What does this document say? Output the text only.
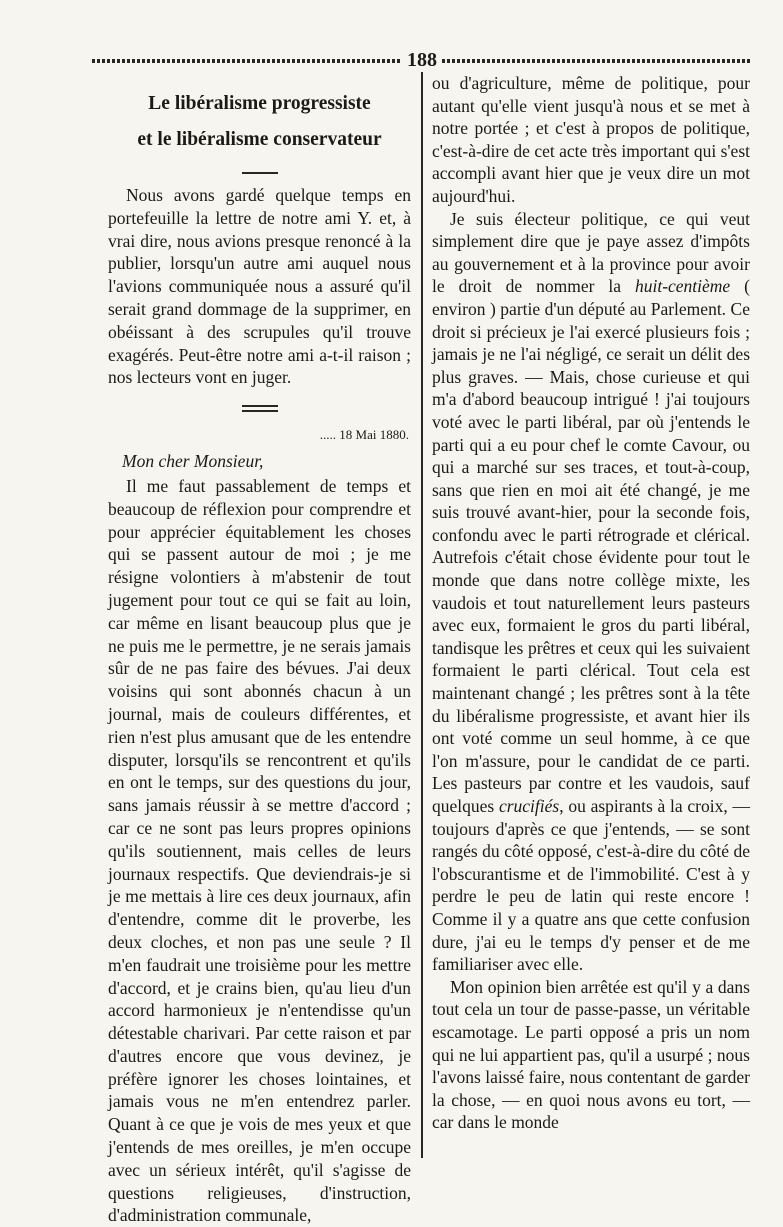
188
Le libéralisme progressiste
et le libéralisme conservateur

Nous avons gardé quelque temps en portefeuille la lettre de notre ami Y. et, à vrai dire, nous avions presque renoncé à la publier, lorsqu'un autre ami auquel nous l'avions communiquée nous a assuré qu'il serait grand dommage de la supprimer, en obéissant à des scrupules qu'il trouve exagérés. Peut-être notre ami a-t-il raison ; nos lecteurs vont en juger.

..... 18 Mai 1880.

Mon cher Monsieur,

Il me faut passablement de temps et beaucoup de réflexion pour comprendre et pour apprécier équitablement les choses qui se passent autour de moi ; je me résigne volontiers à m'abstenir de tout jugement pour tout ce qui se fait au loin, car même en lisant beaucoup plus que je ne puis me le permettre, je ne serais jamais sûr de ne pas faire des bévues. J'ai deux voisins qui sont abonnés chacun à un journal, mais de couleurs différentes, et rien n'est plus amusant que de les entendre disputer, lorsqu'ils se rencontrent et qu'ils en ont le temps, sur des questions du jour, sans jamais réussir à se mettre d'accord ; car ce ne sont pas leurs propres opinions qu'ils soutiennent, mais celles de leurs journaux respectifs. Que deviendrais-je si je me mettais à lire ces deux journaux, afin d'entendre, comme dit le proverbe, les deux cloches, et non pas une seule ? Il m'en faudrait une troisième pour les mettre d'accord, et je crains bien, qu'au lieu d'un accord harmonieux je n'entendisse qu'un détestable charivari. Par cette raison et par d'autres encore que vous devinez, je préfère ignorer les choses lointaines, et jamais vous ne m'en entendrez parler. Quant à ce que je vois de mes yeux et que j'entends de mes oreilles, je m'en occupe avec un sérieux intérêt, qu'il s'agisse de questions religieuses, d'instruction, d'administration communale,

ou d'agriculture, même de politique, pour autant qu'elle vient jusqu'à nous et se met à notre portée ; et c'est à propos de politique, c'est-à-dire de cet acte très important qui s'est accompli avant hier que je veux dire un mot aujourd'hui.

Je suis électeur politique, ce qui veut simplement dire que je paye assez d'impôts au gouvernement et à la province pour avoir le droit de nommer la huit-centième ( environ ) partie d'un député au Parlement. Ce droit si précieux je l'ai exercé plusieurs fois ; jamais je ne l'ai négligé, ce serait un délit des plus graves. — Mais, chose curieuse et qui m'a d'abord beaucoup intrigué ! j'ai toujours voté avec le parti libéral, par où j'entends le parti qui a eu pour chef le comte Cavour, ou qui a marché sur ses traces, et tout-à-coup, sans que rien en moi ait été changé, je me suis trouvé avant-hier, pour la seconde fois, confondu avec le parti rétrograde et clérical. Autrefois c'était chose évidente pour tout le monde que dans notre collège mixte, les vaudois et tout naturellement leurs pasteurs avec eux, formaient le gros du parti libéral, tandisque les prêtres et ceux qui les suivaient formaient le parti clérical. Tout cela est maintenant changé ; les prêtres sont à la tête du libéralisme progressiste, et avant hier ils ont voté comme un seul homme, à ce que l'on m'assure, pour le candidat de ce parti. Les pasteurs par contre et les vaudois, sauf quelques crucifiés, ou aspirants à la croix, — toujours d'après ce que j'entends, — se sont rangés du côté opposé, c'est-à-dire du côté de l'obscurantisme et de l'immobilité. C'est à y perdre le peu de latin qui reste encore ! Comme il y a quatre ans que cette confusion dure, j'ai eu le temps d'y penser et de me familiariser avec elle.

Mon opinion bien arrêtée est qu'il y a dans tout cela un tour de passe-passe, un véritable escamotage. Le parti opposé a pris un nom qui ne lui appartient pas, qu'il a usurpé ; nous l'avons laissé faire, nous contentant de garder la chose, — en quoi nous avons eu tort, — car dans le monde
